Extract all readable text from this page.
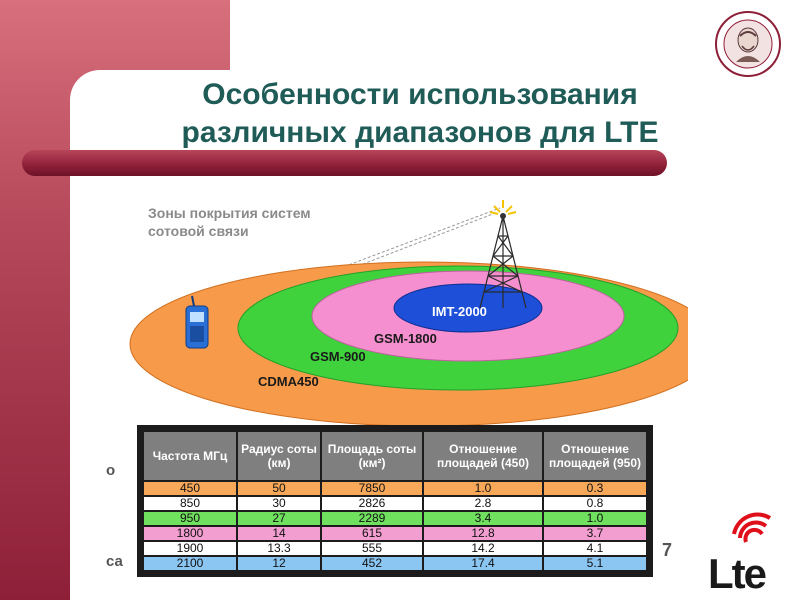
Особенности использования
различных диапазонов для LTE
Зоны покрытия систем
сотовой связи
IMT-2000
GSM-1800
GSM-900
CDMA450
о
са
7
Частота МГц	Радиус соты (км)	Площадь соты (км²)	Отношение площадей (450)	Отношение площадей (950)
450	50	7850	1.0	0.3
850	30	2826	2.8	0.8
950	27	2289	3.4	1.0
1800	14	615	12.8	3.7
1900	13.3	555	14.2	4.1
2100	12	452	17.4	5.1 Lte
